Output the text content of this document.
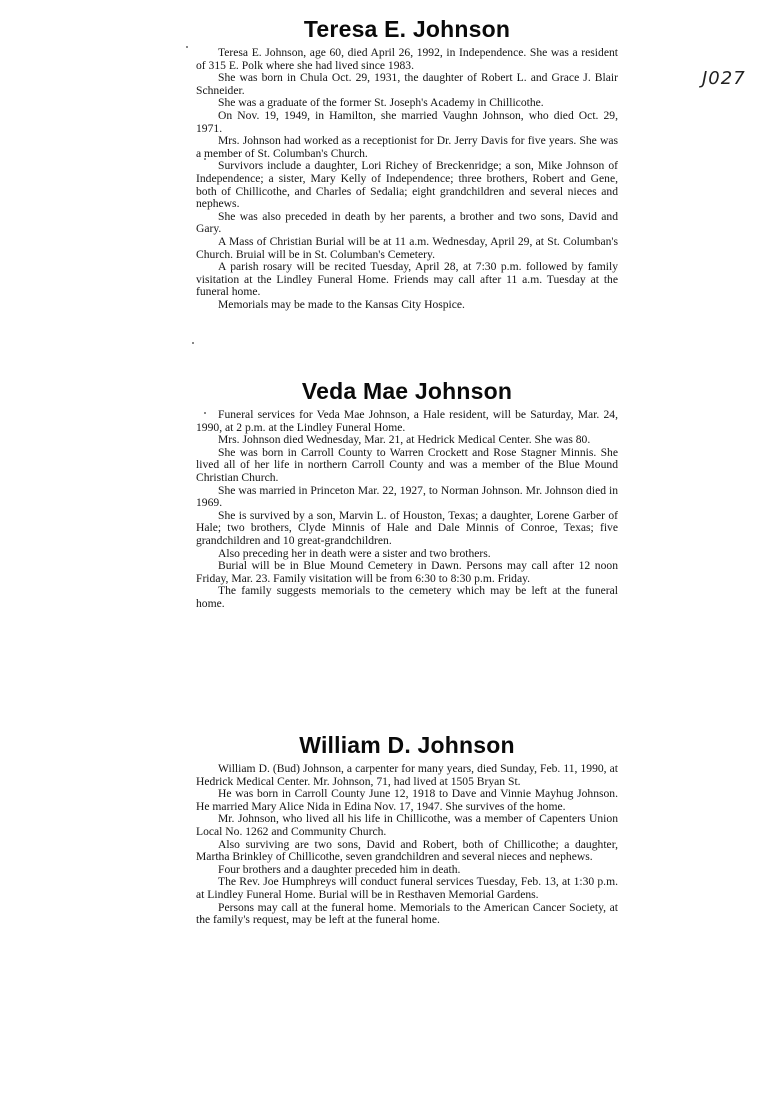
J027
Teresa E. Johnson

Teresa E. Johnson, age 60, died April 26, 1992, in Independence. She was a resident of 315 E. Polk where she had lived since 1983.

She was born in Chula Oct. 29, 1931, the daughter of Robert L. and Grace J. Blair Schneider.

She was a graduate of the former St. Joseph's Academy in Chillicothe.

On Nov. 19, 1949, in Hamilton, she married Vaughn Johnson, who died Oct. 29, 1971.

Mrs. Johnson had worked as a receptionist for Dr. Jerry Davis for five years. She was a member of St. Columban's Church.

Survivors include a daughter, Lori Richey of Breckenridge; a son, Mike Johnson of Independence; a sister, Mary Kelly of Independence; three brothers, Robert and Gene, both of Chillicothe, and Charles of Sedalia; eight grandchildren and several nieces and nephews.

She was also preceded in death by her parents, a brother and two sons, David and Gary.

A Mass of Christian Burial will be at 11 a.m. Wednesday, April 29, at St. Columban's Church. Bruial will be in St. Columban's Cemetery.

A parish rosary will be recited Tuesday, April 28, at 7:30 p.m. followed by family visitation at the Lindley Funeral Home. Friends may call after 11 a.m. Tuesday at the funeral home.

Memorials may be made to the Kansas City Hospice.

Veda Mae Johnson

Funeral services for Veda Mae Johnson, a Hale resident, will be Saturday, Mar. 24, 1990, at 2 p.m. at the Lindley Funeral Home.

Mrs. Johnson died Wednesday, Mar. 21, at Hedrick Medical Center. She was 80.

She was born in Carroll County to Warren Crockett and Rose Stagner Minnis. She lived all of her life in northern Carroll County and was a member of the Blue Mound Christian Church.

She was married in Princeton Mar. 22, 1927, to Norman Johnson. Mr. Johnson died in 1969.

She is survived by a son, Marvin L. of Houston, Texas; a daughter, Lorene Garber of Hale; two brothers, Clyde Minnis of Hale and Dale Minnis of Conroe, Texas; five grandchildren and 10 great-grandchildren.

Also preceding her in death were a sister and two brothers.

Burial will be in Blue Mound Cemetery in Dawn. Persons may call after 12 noon Friday, Mar. 23. Family visitation will be from 6:30 to 8:30 p.m. Friday.

The family suggests memorials to the cemetery which may be left at the funeral home.

William D. Johnson

William D. (Bud) Johnson, a carpenter for many years, died Sunday, Feb. 11, 1990, at Hedrick Medical Center. Mr. Johnson, 71, had lived at 1505 Bryan St.

He was born in Carroll County June 12, 1918 to Dave and Vinnie Mayhug Johnson. He married Mary Alice Nida in Edina Nov. 17, 1947. She survives of the home.

Mr. Johnson, who lived all his life in Chillicothe, was a member of Capenters Union Local No. 1262 and Community Church.

Also surviving are two sons, David and Robert, both of Chillicothe; a daughter, Martha Brinkley of Chillicothe, seven grandchildren and several nieces and nephews.

Four brothers and a daughter preceded him in death.

The Rev. Joe Humphreys will conduct funeral services Tuesday, Feb. 13, at 1:30 p.m. at Lindley Funeral Home. Burial will be in Resthaven Memorial Gardens.

Persons may call at the funeral home. Memorials to the American Cancer Society, at the family's request, may be left at the funeral home.
